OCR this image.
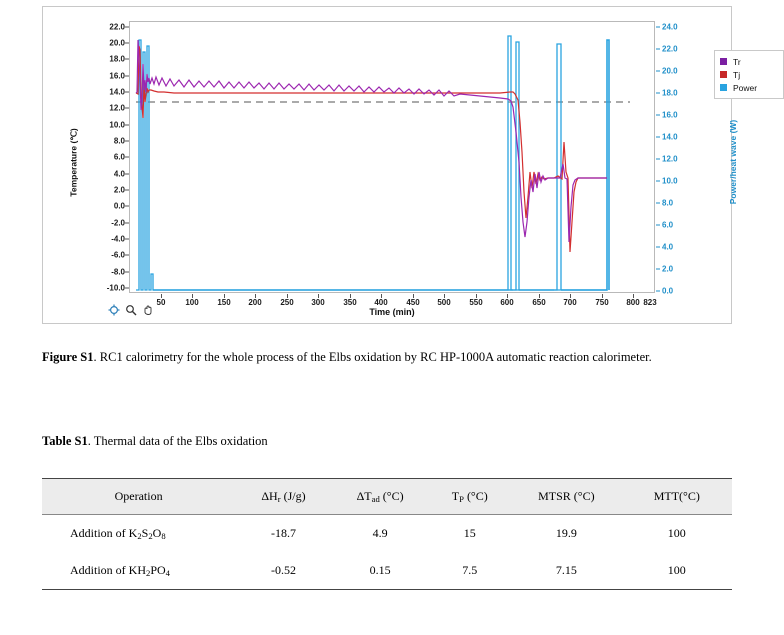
22.0
20.0
18.0
16.0
14.0
12.0
10.0
8.0
6.0
4.0
2.0
0.0
-2.0
-4.0
-6.0
-8.0
-10.0
24.0
22.0
20.0
18.0
16.0
14.0
12.0
10.0
8.0
6.0
4.0
2.0
0.0
Tr
Tj
Power
50 100 150 200 250 300 350 400 450 500 550 600 650 700 750 800 823
Time (min)
Temperature (℃)	Power/heat wave (W)
Figure S1. RC1 calorimetry for the whole process of the Elbs oxidation by RC HP-1000A automatic reaction calorimeter.
Table S1. Thermal data of the Elbs oxidation
Operation	$\Delta H_r$ (J/g)	$\Delta T_{ad}$ (°C)	$T_P$ (°C)	MTSR (°C)	MTT(°C)
Addition of K2S2O8	-18.7	4.9	15	19.9	100
Addition of KH2PO4	-0.52	0.15	7.5	7.15	100
